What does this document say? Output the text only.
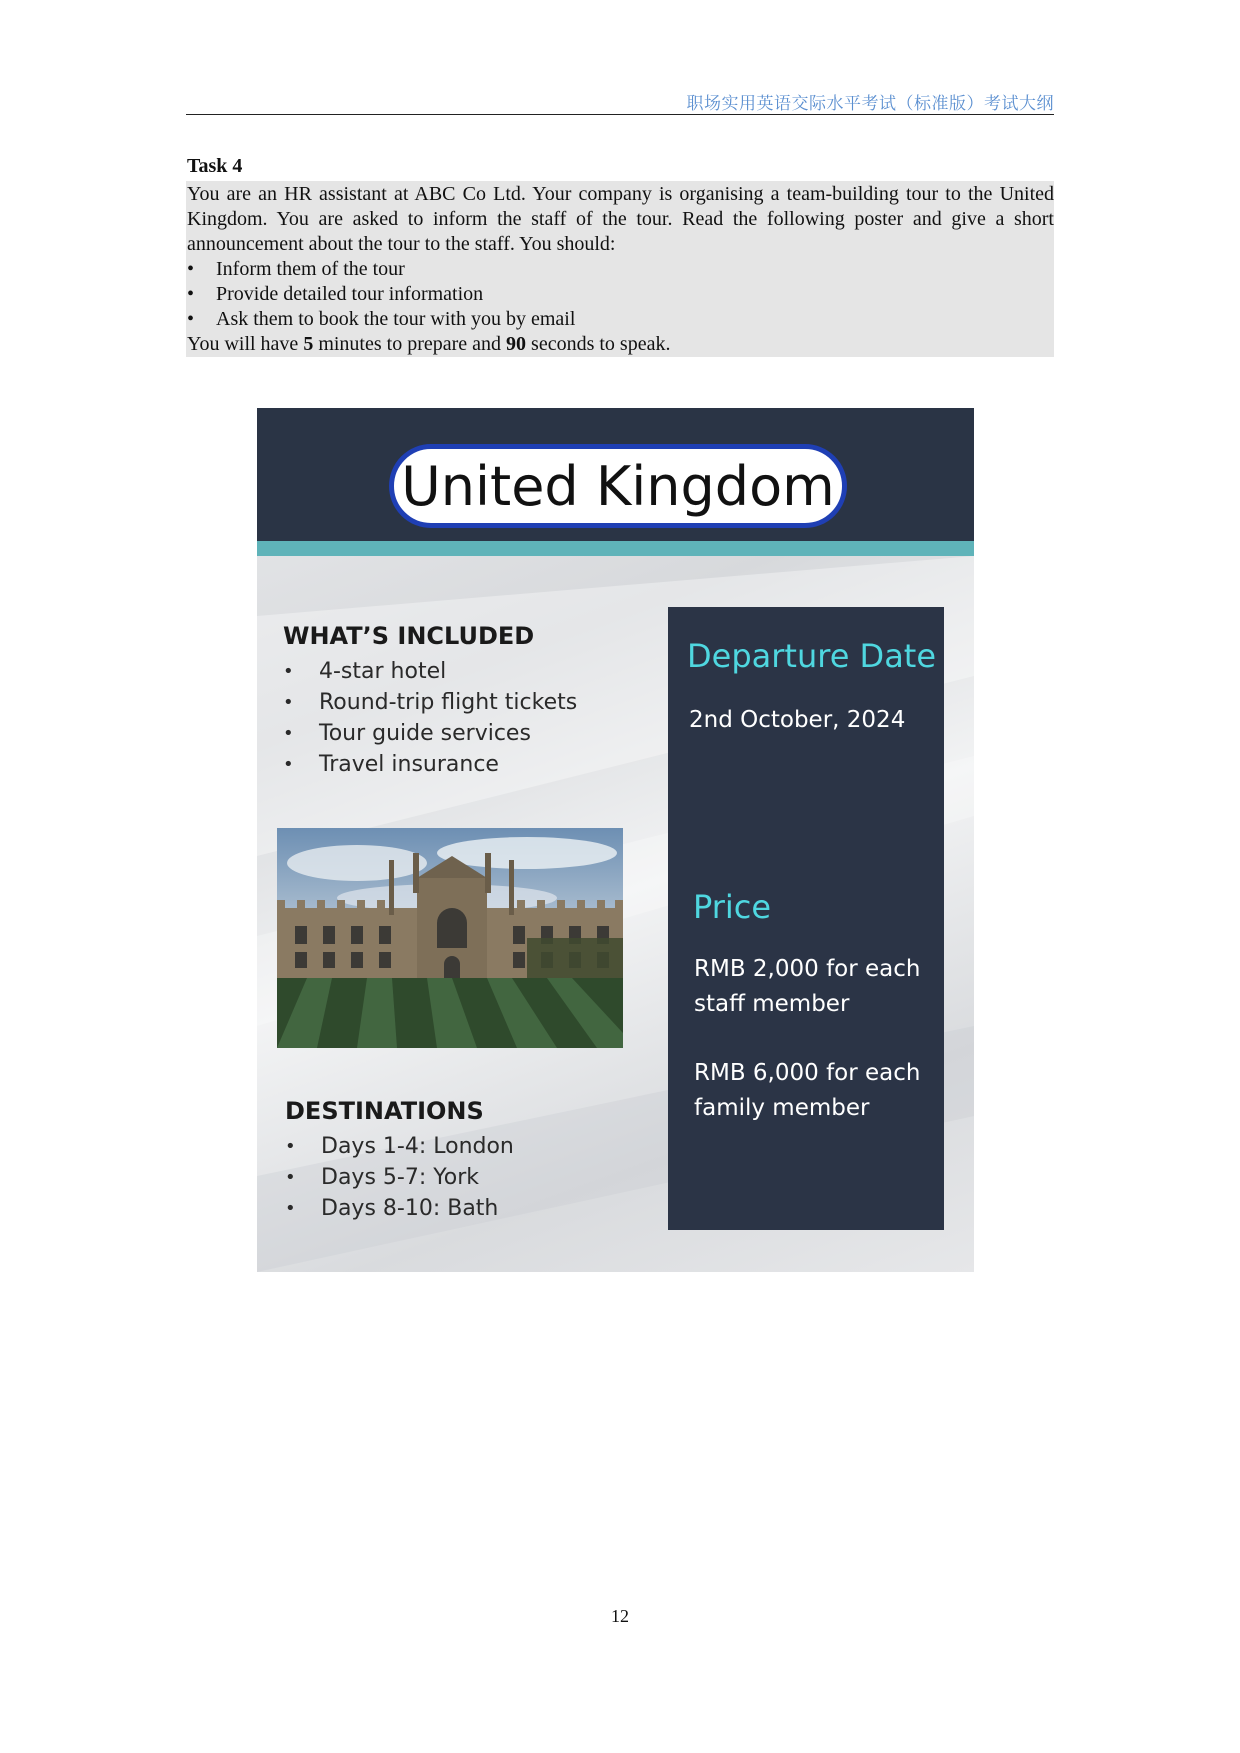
职场实用英语交际水平考试（标准版）考试大纲
Task 4
You are an HR assistant at ABC Co Ltd. Your company is organising a team-building tour to the United Kingdom. You are asked to inform the staff of the tour. Read the following poster and give a short announcement about the tour to the staff. You should:
• Inform them of the tour
• Provide detailed tour information
• Ask them to book the tour with you by email
You will have 5 minutes to prepare and 90 seconds to speak.
United Kingdom
WHAT’S INCLUDED
• 4-star hotel
• Round-trip flight tickets
• Tour guide services
• Travel insurance
DESTINATIONS
• Days 1-4: London
• Days 5-7: York
• Days 8-10: Bath
Departure Date
2nd October, 2024
Price
RMB 2,000 for each
staff member
RMB 6,000 for each
family member
12
